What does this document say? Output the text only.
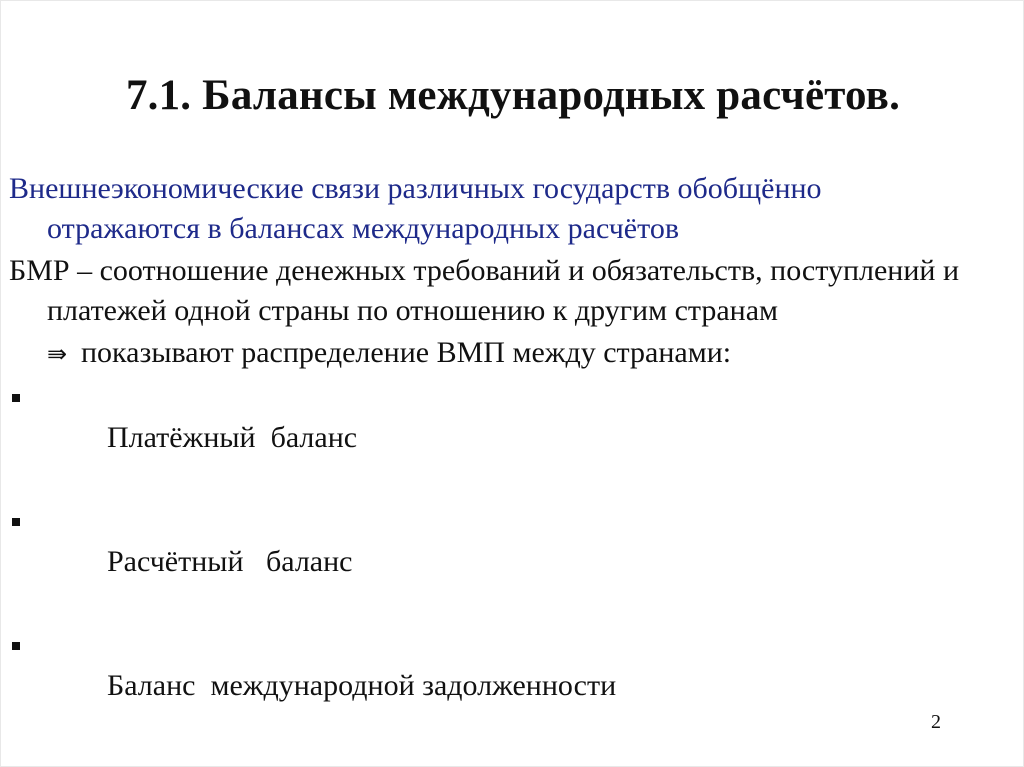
7.1. Балансы международных расчётов.

Внешнеэкономические связи различных государств обобщённо
отражаются в балансах международных расчётов

БМР – соотношение денежных требований и обязательств, поступлений и платежей одной страны по отношению к другим странам

⇛ показывают распределение ВМП между странами:

Платёжный  баланс

Расчётный   баланс

Баланс  международной задолженности

2
